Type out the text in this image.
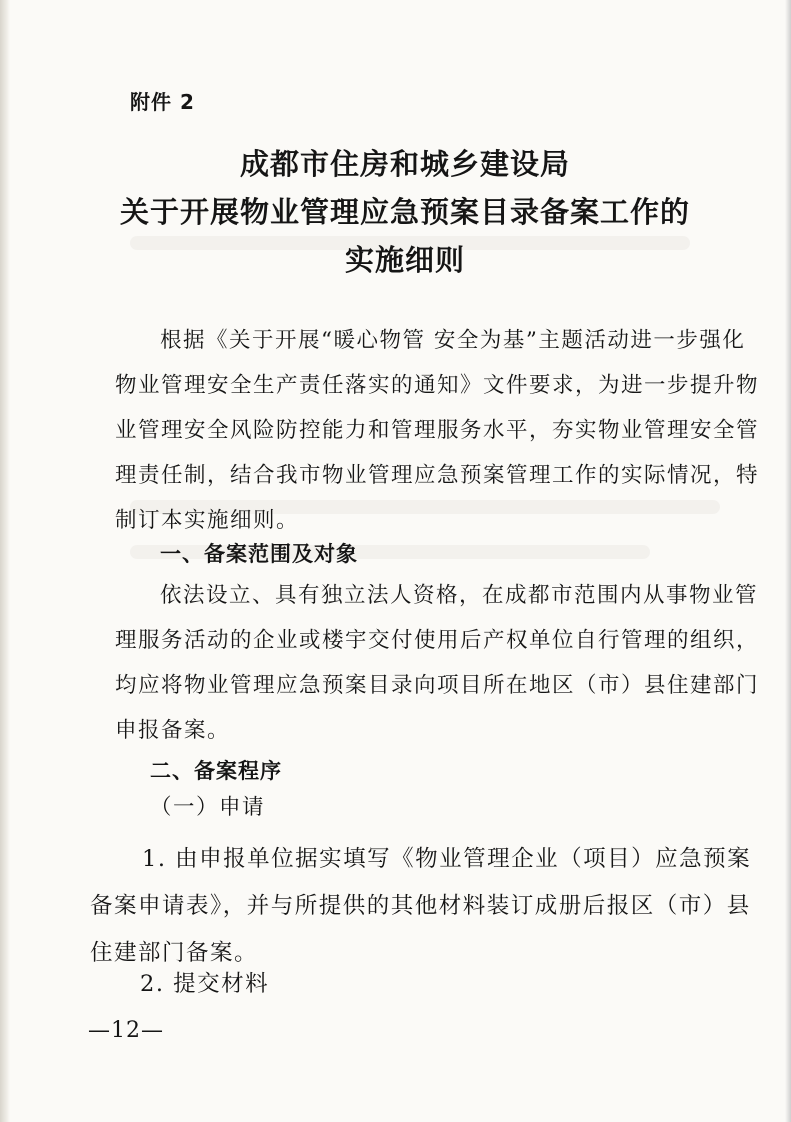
附件 2
成都市住房和城乡建设局
关于开展物业管理应急预案目录备案工作的
实施细则
根据《关于开展“暖心物管 安全为基”主题活动进一步强化
物业管理安全生产责任落实的通知》文件要求，为进一步提升物
业管理安全风险防控能力和管理服务水平，夯实物业管理安全管
理责任制，结合我市物业管理应急预案管理工作的实际情况，特
制订本实施细则。
一、备案范围及对象
依法设立、具有独立法人资格，在成都市范围内从事物业管
理服务活动的企业或楼宇交付使用后产权单位自行管理的组织，
均应将物业管理应急预案目录向项目所在地区（市）县住建部门
申报备案。
二、备案程序
（一）申请
1. 由申报单位据实填写《物业管理企业（项目）应急预案
备案申请表》，并与所提供的其他材料装订成册后报区（市）县
住建部门备案。
2. 提交材料
—12—
